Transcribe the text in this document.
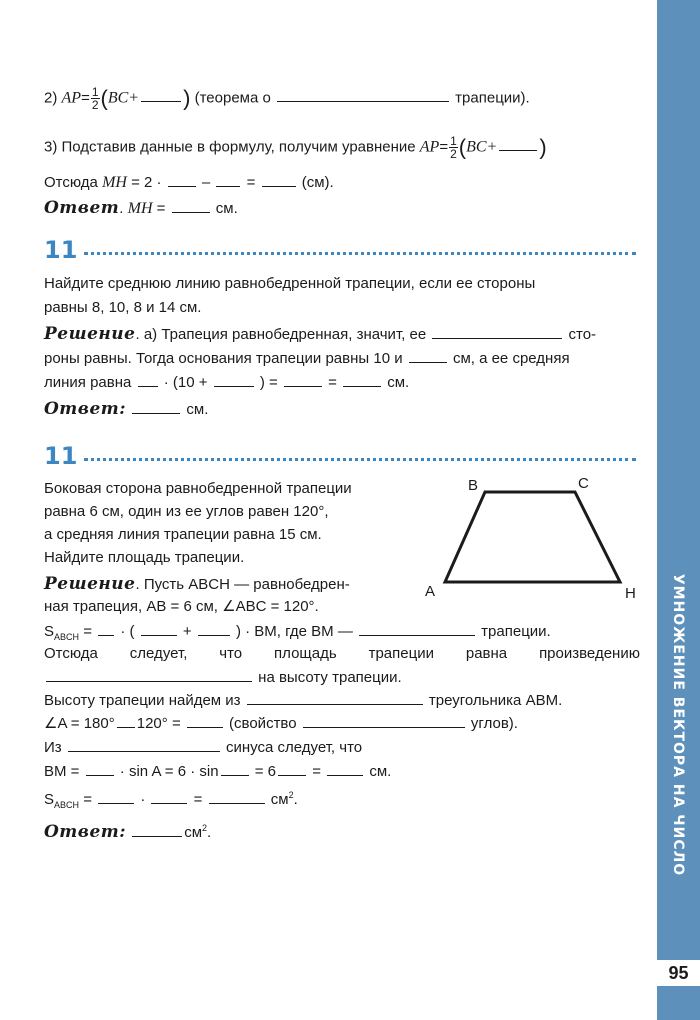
2) $AP= \frac{1}{2} (BC+$ ) (теорема о	трапеции).
3) Подставив данные в формулу, получим уравнение $AP= \frac{1}{2} (BC+$ )
Отсюда MH = 2 ·	– =	(см).
Ответ. MH =	см.
11
Найдите среднюю линию равнобедренной трапеции, если ее стороны
равны 8, 10, 8 и 14 см.
Решение. а) Трапеция равнобедренная, значит, ее	сто-
роны равны. Тогда основания трапеции равны 10 и	см, а ее средняя
линия равна · (10 +	) =	=	см.
Ответ:	см.
11
Боковая сторона равнобедренной трапеции
равна 6 см, один из ее углов равен 120°,
а средняя линия трапеции равна 15 см.
Найдите площадь трапеции.
B	C
A	H
Решение. Пусть ABCH — равнобедрен-
ная трапеция, AB = 6 см, ∠ABC = 120°.
$S_{ABCH}$ = · (	+	) · BM, где BM —	трапеции.
Отсюда следует, что площадь трапеции равна произведению
на высоту трапеции.
Высоту трапеции найдем из	треугольника ABM.
∠A = 180° 120° =	(свойство	углов).
Из	синуса следует, что
BM =	· sin A = 6 · sin = 6 =	см.
$S_{ABCH}$ =	·	=	$см^2$.
Ответ:	$см^2$.	УМНОЖЕНИЕ ВЕКТОРА НА ЧИСЛО
95
